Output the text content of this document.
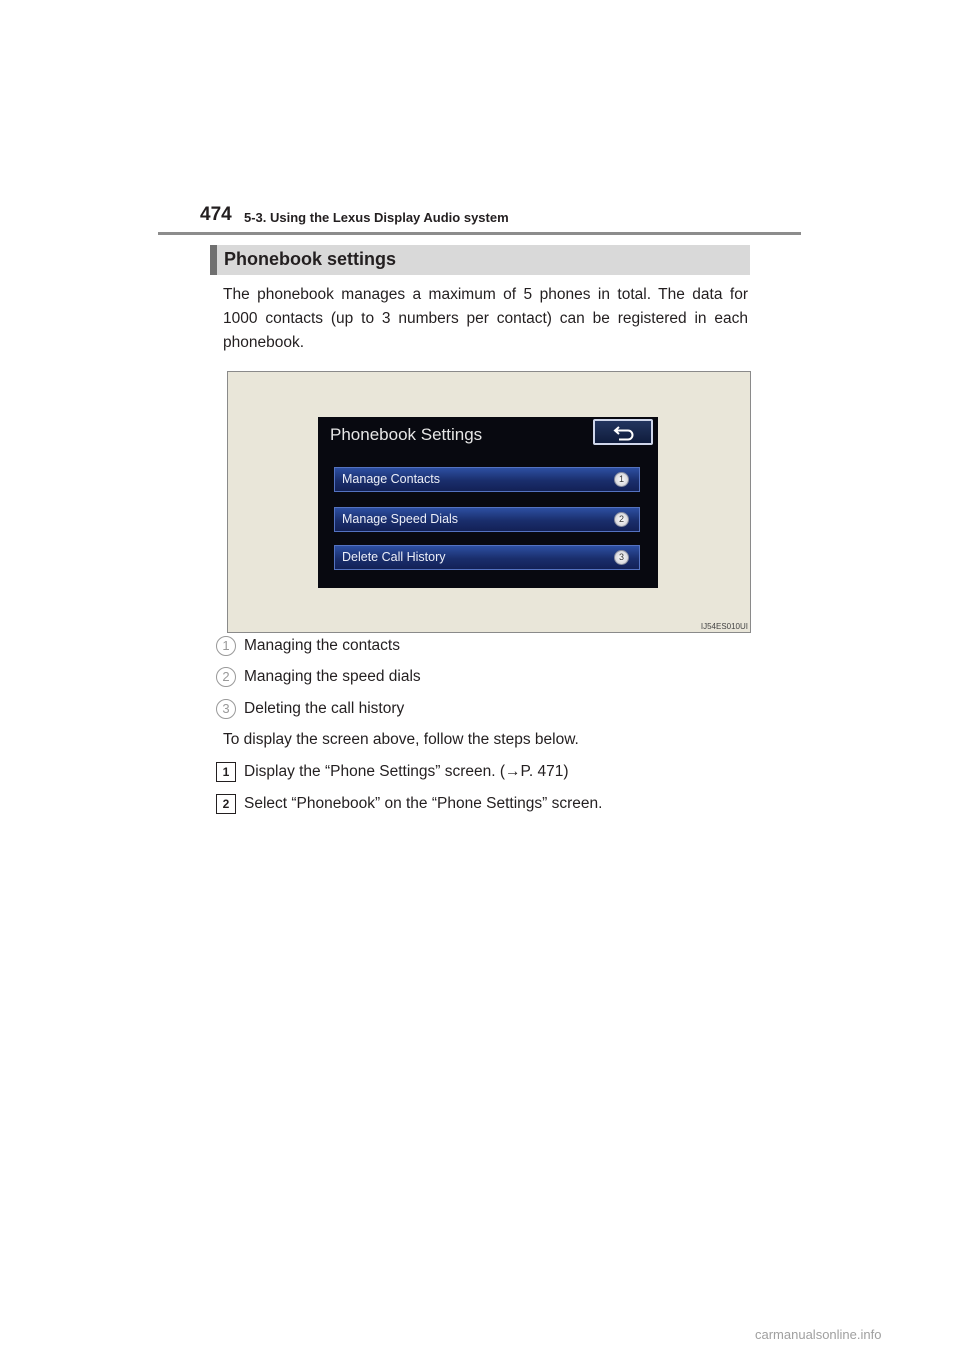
474 5-3. Using the Lexus Display Audio system
Phonebook settings
The phonebook manages a maximum of 5 phones in total. The data for 1000 contacts (up to 3 numbers per contact) can be registered in each phonebook.
Phonebook Settings
Manage Contacts	1
Manage Speed Dials	2
Delete Call History	3
IJ54ES010UI
1 Managing the contacts
2 Managing the speed dials
3 Deleting the call history
To display the screen above, follow the steps below.
1 Display the “Phone Settings” screen. (→P. 471)
2 Select “Phonebook” on the “Phone Settings” screen.
carmanualsonline.info
